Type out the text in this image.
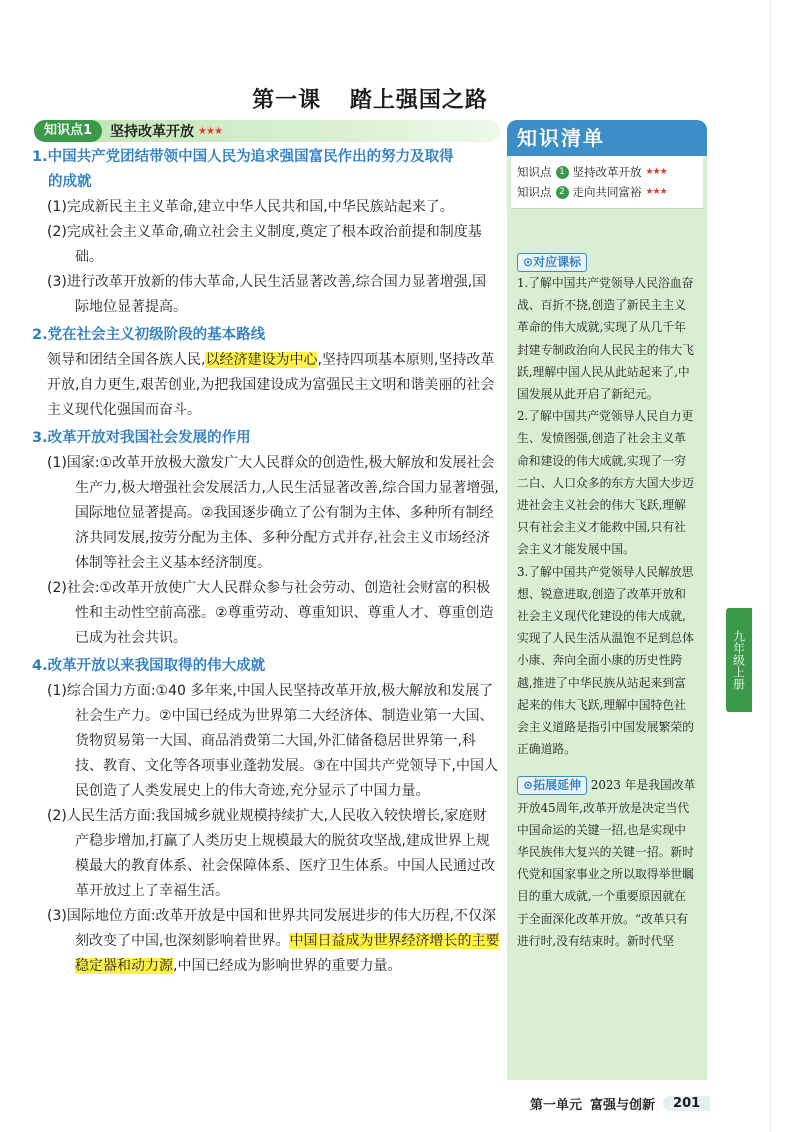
第一课 踏上强国之路
知识点1	坚持改革开放 ★★★
1.中国共产党团结带领中国人民为追求强国富民作出的努力及取得
的成就
(1)完成新民主主义革命,建立中华人民共和国,中华民族站起来了。
(2)完成社会主义革命,确立社会主义制度,奠定了根本政治前提和制度基础。
(3)进行改革开放新的伟大革命,人民生活显著改善,综合国力显著增强,国际地位显著提高。
2.党在社会主义初级阶段的基本路线
领导和团结全国各族人民,以经济建设为中心,坚持四项基本原则,坚持改革开放,自力更生,艰苦创业,为把我国建设成为富强民主文明和谐美丽的社会主义现代化强国而奋斗。
3.改革开放对我国社会发展的作用
(1)国家:①改革开放极大激发广大人民群众的创造性,极大解放和发展社会生产力,极大增强社会发展活力,人民生活显著改善,综合国力显著增强,国际地位显著提高。②我国逐步确立了公有制为主体、多种所有制经济共同发展,按劳分配为主体、多种分配方式并存,社会主义市场经济体制等社会主义基本经济制度。
(2)社会:①改革开放使广大人民群众参与社会劳动、创造社会财富的积极性和主动性空前高涨。②尊重劳动、尊重知识、尊重人才、尊重创造已成为社会共识。
4.改革开放以来我国取得的伟大成就
(1)综合国力方面:①40 多年来,中国人民坚持改革开放,极大解放和发展了社会生产力。②中国已经成为世界第二大经济体、制造业第一大国、货物贸易第一大国、商品消费第二大国,外汇储备稳居世界第一,科技、教育、文化等各项事业蓬勃发展。③在中国共产党领导下,中国人民创造了人类发展史上的伟大奇迹,充分显示了中国力量。
(2)人民生活方面:我国城乡就业规模持续扩大,人民收入较快增长,家庭财产稳步增加,打赢了人类历史上规模最大的脱贫攻坚战,建成世界上规模最大的教育体系、社会保障体系、医疗卫生体系。中国人民通过改革开放过上了幸福生活。
(3)国际地位方面:改革开放是中国和世界共同发展进步的伟大历程,不仅深刻改变了中国,也深刻影响着世界。中国日益成为世界经济增长的主要稳定器和动力源,中国已经成为影响世界的重要力量。
知识清单
知识点 1 坚持改革开放 ★★★
知识点 2 走向共同富裕 ★★★
⊙对应课标
1.了解中国共产党领导人民浴血奋战、百折不挠,创造了新民主主义革命的伟大成就,实现了从几千年封建专制政治向人民民主的伟大飞跃,理解中国人民从此站起来了,中国发展从此开启了新纪元。
2.了解中国共产党领导人民自力更生、发愤图强,创造了社会主义革命和建设的伟大成就,实现了一穷二白、人口众多的东方大国大步迈进社会主义社会的伟大飞跃,理解只有社会主义才能救中国,只有社会主义才能发展中国。
3.了解中国共产党领导人民解放思想、锐意进取,创造了改革开放和社会主义现代化建设的伟大成就,实现了人民生活从温饱不足到总体小康、奔向全面小康的历史性跨越,推进了中华民族从站起来到富起来的伟大飞跃,理解中国特色社会主义道路是指引中国发展繁荣的正确道路。
⊙拓展延伸 2023 年是我国改革开放45周年,改革开放是决定当代中国命运的关键一招,也是实现中华民族伟大复兴的关键一招。新时代党和国家事业之所以取得举世瞩目的重大成就,一个重要原因就在于全面深化改革开放。“改革只有进行时,没有结束时。新时代坚
九年级上册
第一单元 富强与创新	201
